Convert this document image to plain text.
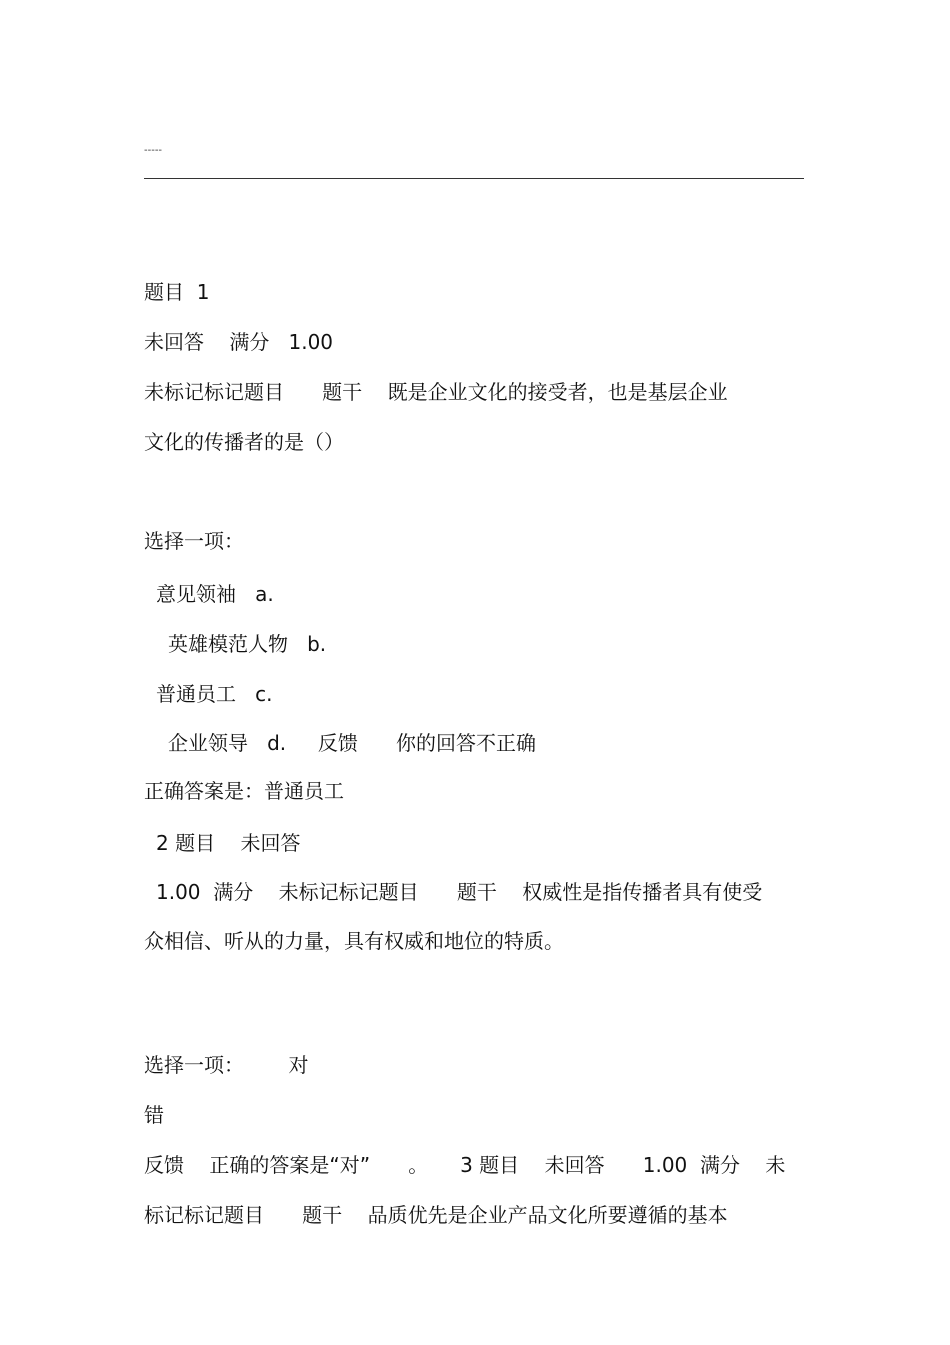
-----
题目  1
未回答    满分   1.00
未标记标记题目      题干    既是企业文化的接受者，也是基层企业
文化的传播者的是（）
选择一项：
意见领袖   a.
英雄模范人物   b.
普通员工   c.
企业领导   d.     反馈      你的回答不正确
正确答案是：普通员工
2 题目    未回答
1.00  满分    未标记标记题目      题干    权威性是指传播者具有使受
众相信、听从的力量，具有权威和地位的特质。
选择一项：       对
错
反馈    正确的答案是“对”      。     3 题目    未回答      1.00  满分    未
标记标记题目      题干    品质优先是企业产品文化所要遵循的基本
